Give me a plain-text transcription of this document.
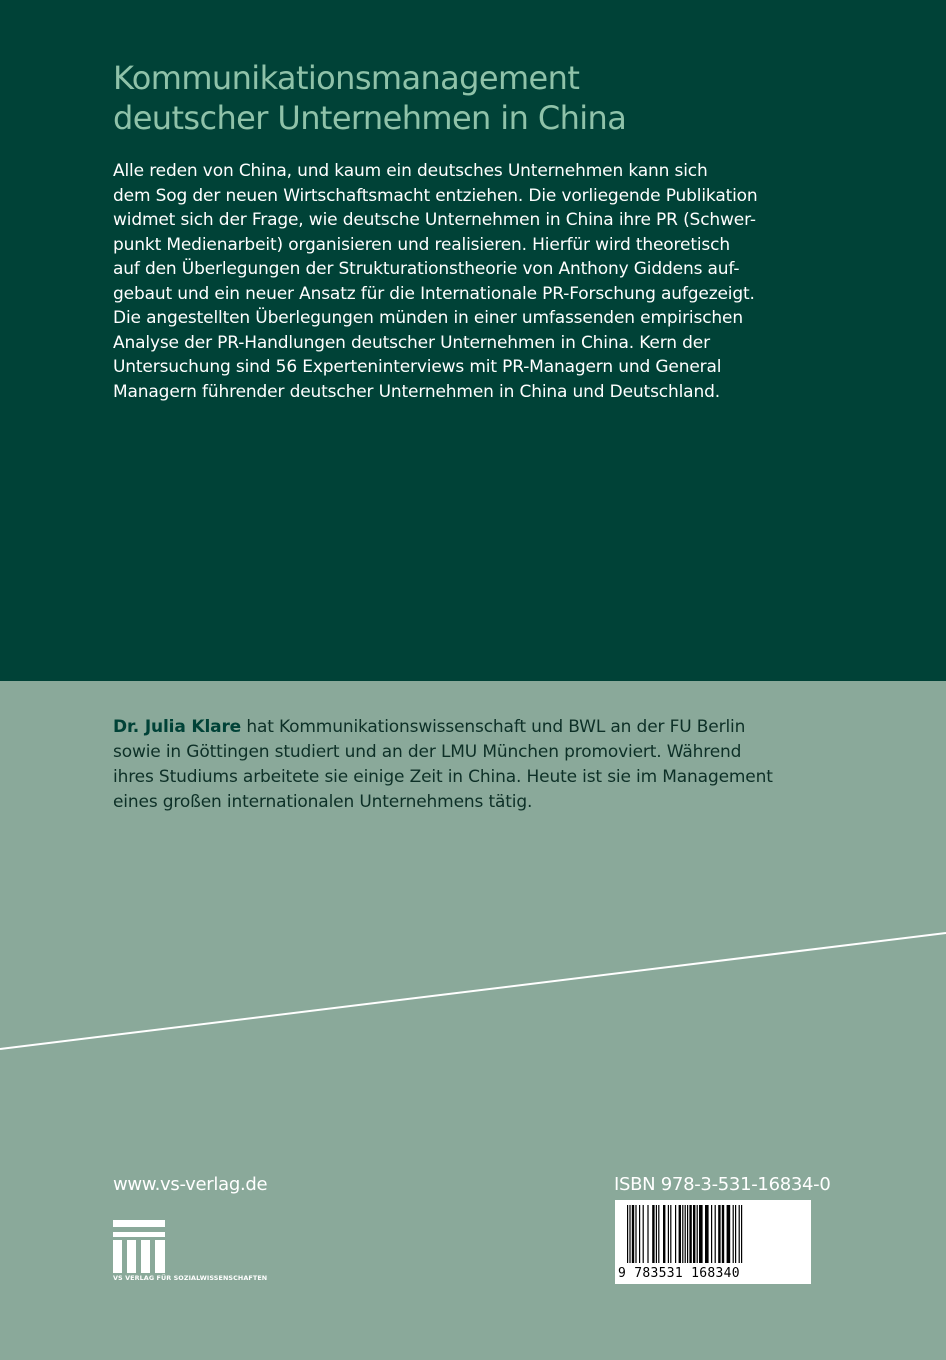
Kommunikationsmanagement
deutscher Unternehmen in China

Alle reden von China, und kaum ein deutsches Unternehmen kann sich
dem Sog der neuen Wirtschaftsmacht entziehen. Die vorliegende Publikation
widmet sich der Frage, wie deutsche Unternehmen in China ihre PR (Schwer-
punkt Medienarbeit) organisieren und realisieren. Hierfür wird theoretisch
auf den Überlegungen der Strukturationstheorie von Anthony Giddens auf-
gebaut und ein neuer Ansatz für die Internationale PR-Forschung aufgezeigt.
Die angestellten Überlegungen münden in einer umfassenden empirischen
Analyse der PR-Handlungen deutscher Unternehmen in China. Kern der
Untersuchung sind 56 Experteninterviews mit PR-Managern und General
Managern führender deutscher Unternehmen in China und Deutschland.

Dr. Julia Klare hat Kommunikationswissenschaft und BWL an der FU Berlin
sowie in Göttingen studiert und an der LMU München promoviert. Während
ihres Studiums arbeitete sie einige Zeit in China. Heute ist sie im Management
eines großen internationalen Unternehmens tätig.

www.vs-verlag.de
VS VERLAG FÜR SOZIALWISSENSCHAFTEN
ISBN 978-3-531-16834-0
9 783531 168340
